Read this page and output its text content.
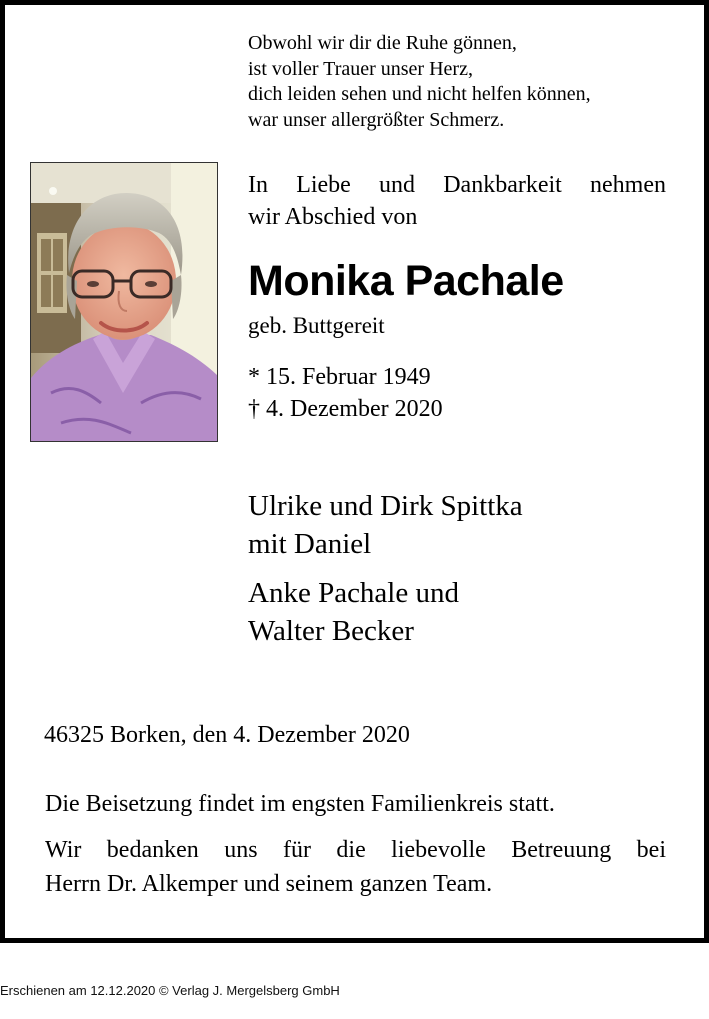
Obwohl wir dir die Ruhe gönnen,
ist voller Trauer unser Herz,
dich leiden sehen und nicht helfen können,
war unser allergrößter Schmerz.
In Liebe und Dankbarkeit nehmen
wir Abschied von
Monika Pachale
geb. Buttgereit
* 15. Februar 1949
† 4. Dezember 2020
Ulrike und Dirk Spittka
mit Daniel
Anke Pachale und
Walter Becker
46325 Borken, den 4. Dezember 2020
Die Beisetzung findet im engsten Familienkreis statt.
Wir bedanken uns für die liebevolle Betreuung bei
Herrn Dr. Alkemper und seinem ganzen Team.
Erschienen am 12.12.2020 © Verlag J. Mergelsberg GmbH
